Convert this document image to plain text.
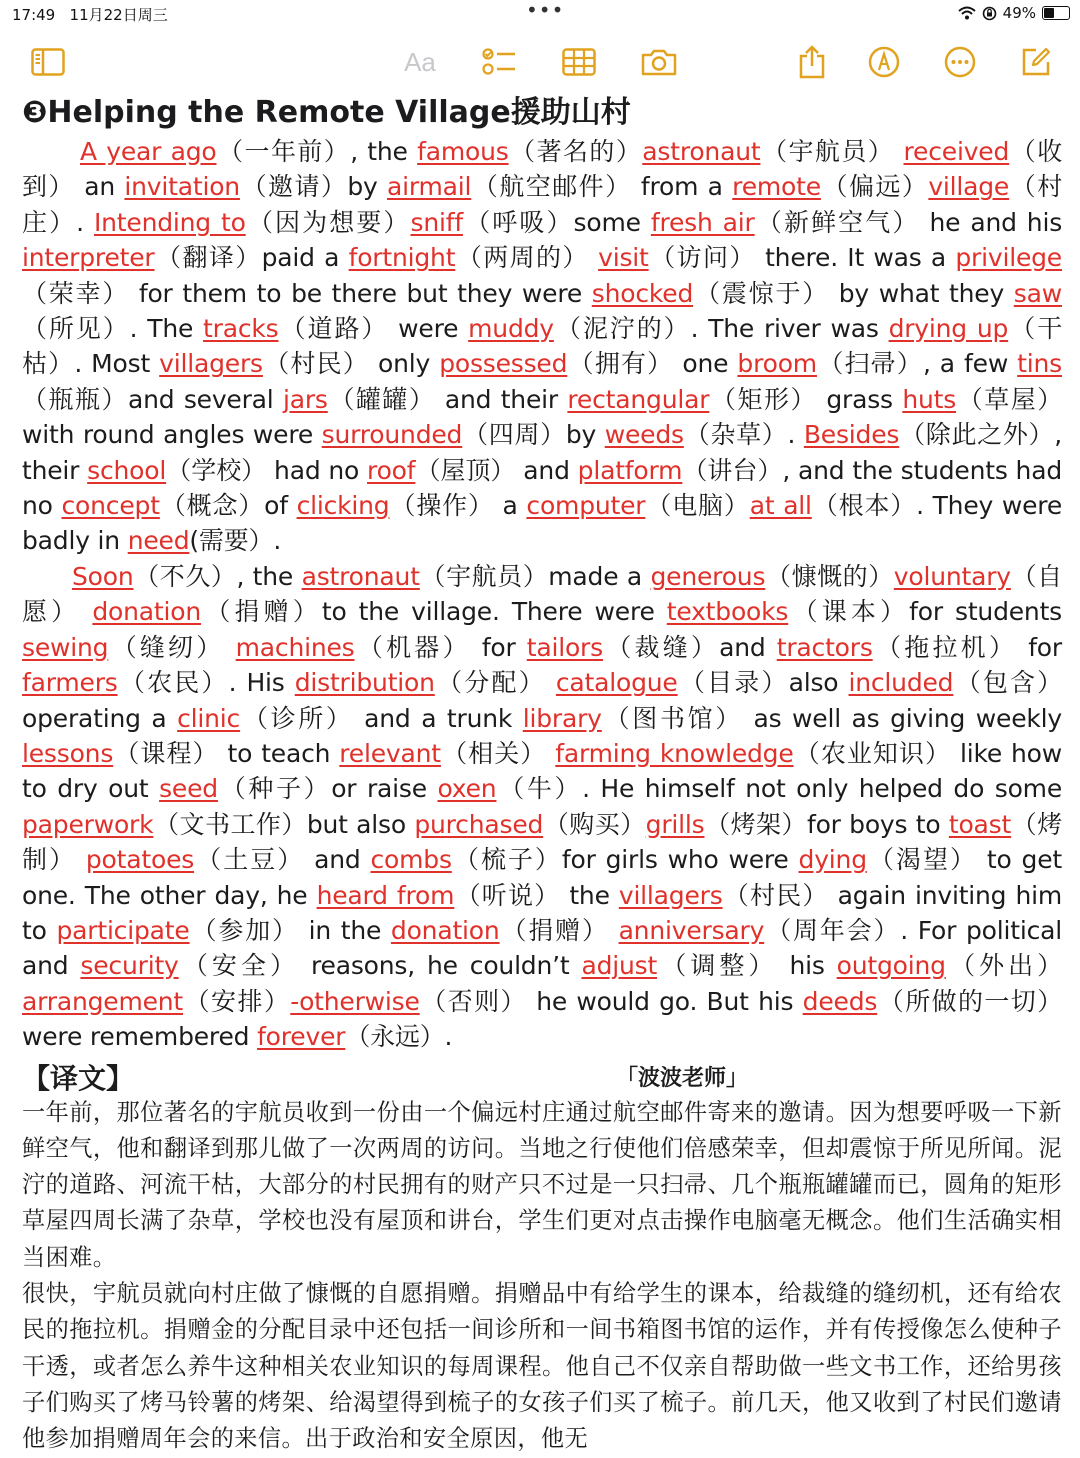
17:49 11月22日周三	•••	49%
Aa
❸Helping the Remote Village援助山村

A year ago（一年前）, the famous（著名的）astronaut（宇航员） received（收到） an invitation（邀请）by airmail（航空邮件） from a remote（偏远）village（村庄）. Intending to（因为想要）sniff（呼吸）some fresh air（新鲜空气） he and his interpreter（翻译）paid a fortnight（两周的） visit（访问） there. It was a privilege（荣幸） for them to be there but they were shocked（震惊于） by what they saw（所见）. The tracks（道路） were muddy（泥泞的）. The river was drying up（干枯）. Most villagers（村民） only possessed（拥有） one broom（扫帚）, a few tins（瓶瓶）and several jars（罐罐） and their rectangular（矩形） grass huts（草屋） with round angles were surrounded（四周）by weeds（杂草）. Besides（除此之外）, their school（学校） had no roof（屋顶） and platform（讲台）, and the students had no concept（概念）of clicking（操作） a computer（电脑）at all（根本）. They were badly in need(需要）.

Soon（不久）, the astronaut（宇航员）made a generous（慷慨的）voluntary（自愿） donation（捐赠）to the village. There were textbooks（课本）for students sewing（缝纫） machines（机器） for tailors（裁缝）and tractors（拖拉机） for farmers（农民）. His distribution（分配） catalogue（目录）also included（包含） operating a clinic（诊所） and a trunk library（图书馆） as well as giving weekly lessons（课程） to teach relevant（相关） farming knowledge（农业知识） like how to dry out seed（种子）or raise oxen（牛）. He himself not only helped do some paperwork（文书工作）but also purchased（购买）grills（烤架）for boys to toast（烤制） potatoes（土豆） and combs（梳子）for girls who were dying（渴望） to get one. The other day, he heard from（听说） the villagers（村民） again inviting him to participate（参加） in the donation（捐赠） anniversary（周年会）. For political and security（安全） reasons, he couldn’t adjust（调整） his outgoing（外出） arrangement（安排）-otherwise（否则） he would go. But his deeds（所做的一切） were remembered forever（永远）.

【译文】	「波波老师」

一年前，那位著名的宇航员收到一份由一个偏远村庄通过航空邮件寄来的邀请。因为想要呼吸一下新鲜空气，他和翻译到那儿做了一次两周的访问。当地之行使他们倍感荣幸，但却震惊于所见所闻。泥泞的道路、河流干枯，大部分的村民拥有的财产只不过是一只扫帚、几个瓶瓶罐罐而已，圆角的矩形草屋四周长满了杂草，学校也没有屋顶和讲台，学生们更对点击操作电脑毫无概念。他们生活确实相当困难。

很快，宇航员就向村庄做了慷慨的自愿捐赠。捐赠品中有给学生的课本，给裁缝的缝纫机，还有给农民的拖拉机。捐赠金的分配目录中还包括一间诊所和一间书箱图书馆的运作，并有传授像怎么使种子干透，或者怎么养牛这种相关农业知识的每周课程。他自己不仅亲自帮助做一些文书工作，还给男孩子们购买了烤马铃薯的烤架、给渴望得到梳子的女孩子们买了梳子。前几天，他又收到了村民们邀请他参加捐赠周年会的来信。出于政治和安全原因，他无
